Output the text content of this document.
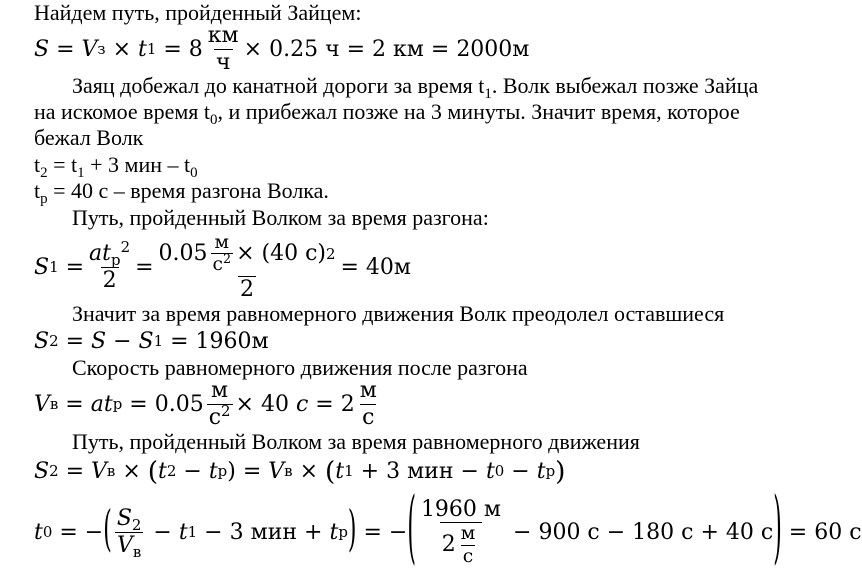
Найдем путь, пройденный Зайцем:
S = V з × t $1 = 8 \frac{км}{ч} \times 0.25$ ч = 2 км = 2000м
Заяц добежал до канатной дороги за время $t_1$. Волк выбежал позже Зайца
на искомое время $t_0$, и прибежал позже на 3 минуты. Значит время, которое
бежал Волк
$t_2 = t_1 + 3$ мин – $t_0$
$t_р = 40$ с – время разгона Волка.
Путь, пройденный Волком за время разгона:
S $1 = \frac{at_р^2}{2} = \frac{0.05 \frac{м}{с^2} \times (40 с) 2}{2} = 40м$
Значит за время равномерного движения Волк преодолел оставшиеся
S 2 = S − S 1 = 1960м
Скорость равномерного движения после разгона
V в = at $р = 0.05 \frac{м}{с^2} \times 40$ $с = 2 \frac{м}{с}$
Путь, пройденный Волком за время равномерного движения
S 2 = V в × ( t 2 − t р ) = V в × ( t 1 + 3 мин − t 0 − t р )
t 0 = − ( $\frac{S_2}{V_в} - t$ 1 − 3 мин + t р ) = − ( $\frac{1960 м}{2 \frac{м}{с}} - 900$ с − 180 с + 40 с ) = 60 с
